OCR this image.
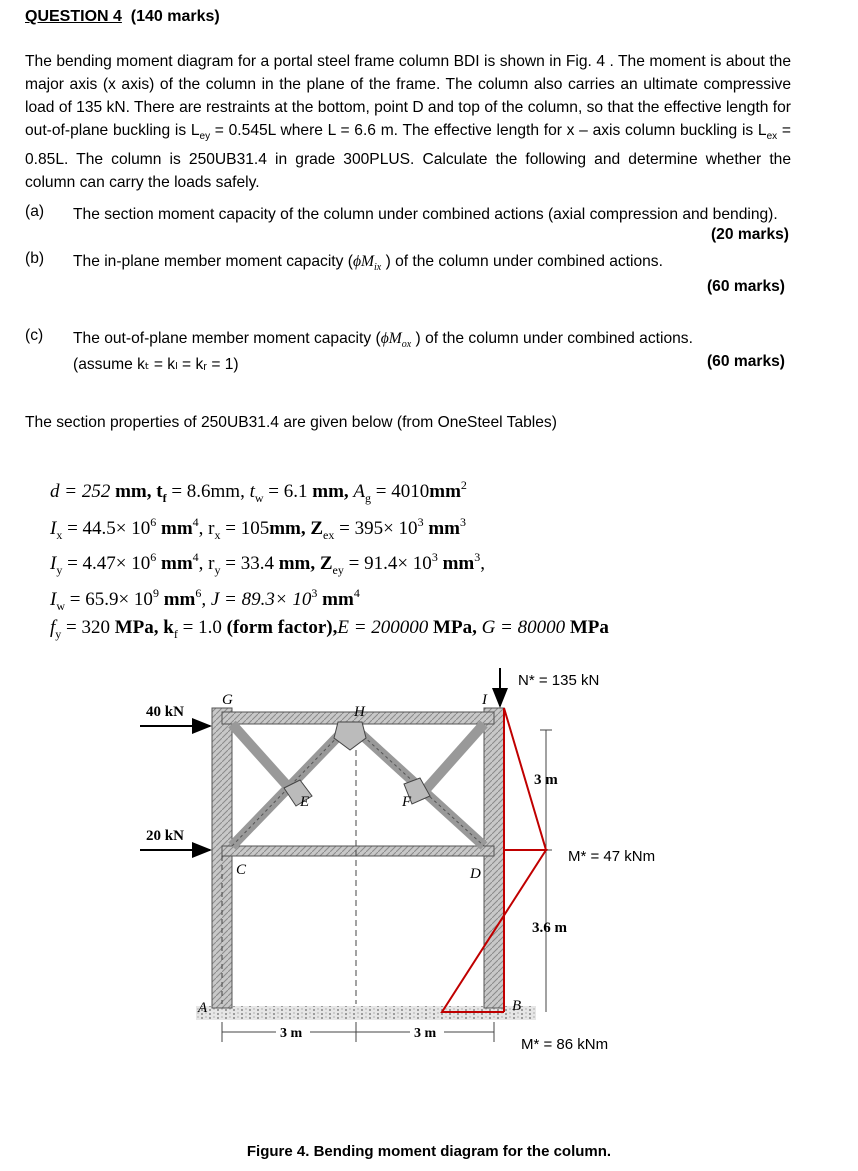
QUESTION 4 (140 marks)
The bending moment diagram for a portal steel frame column BDI is shown in Fig. 4 . The moment is about the major axis (x axis) of the column in the plane of the frame. The column also carries an ultimate compressive load of 135 kN. There are restraints at the bottom, point D and top of the column, so that the effective length for out-of-plane buckling is $L_{ey} = 0.545L$ where L = 6.6 m. The effective length for x – axis column buckling is $L_{ex} = 0.85L$. The column is 250UB31.4 in grade 300PLUS. Calculate the following and determine whether the column can carry the loads safely.
(a) The section moment capacity of the column under combined actions (axial compression and bending).
(20 marks)
(b) The in-plane member moment capacity ($\phi M_{ix}$ ) of the column under combined actions.
(60 marks)
(c) The out-of-plane member moment capacity ($\phi M_{ox}$ ) of the column under combined actions.
(assume kₜ = kₗ = kᵣ = 1)	(60 marks)
The section properties of 250UB31.4 are given below (from OneSteel Tables)
d = 252 mm, $t_f = 8.6mm$, $t_w = 6.1$ mm, $A_g = 4010mm^2$
$I_x = 44.5\times 10^6$ $mm^4$, $r_x = 105mm$, $Z_{ex} = 395\times 10^3$ $mm^3$
$I_y = 4.47\times 10^6$ $mm^4$, $r_y = 33.4$ mm, $Z_{ey} = 91.4\times 10^3$ $mm^3$,
$I_w = 65.9\times 10^9$ $mm^6$, $J = 89.3\times 10^3$ $mm^4$
$f_y = 320$ MPa, $k_f = 1.0$ (form factor),E = 200000 MPa, G = 80000 MPa
40 kN
20 kN
N* = 135 kN
G
H
I
E	F
C	D
A	B
3 m
3.6 m
3 m	3 m
M* = 47 kNm
M* = 86 kNm
Figure 4. Bending moment diagram for the column.
